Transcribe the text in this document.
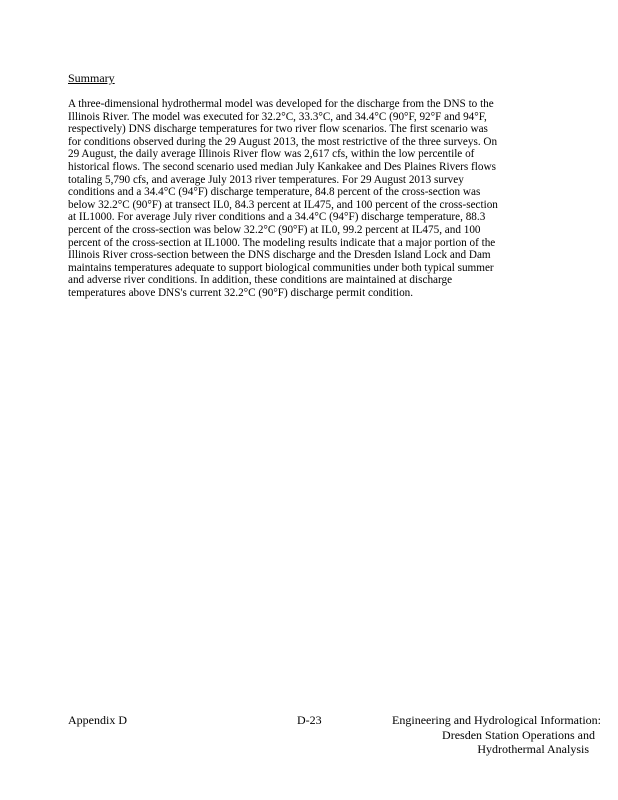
Summary
A three-dimensional hydrothermal model was developed for the discharge from the DNS to the
Illinois River. The model was executed for 32.2°C, 33.3°C, and 34.4°C (90°F, 92°F and 94°F,
respectively) DNS discharge temperatures for two river flow scenarios. The first scenario was
for conditions observed during the 29 August 2013, the most restrictive of the three surveys. On
29 August, the daily average Illinois River flow was 2,617 cfs, within the low percentile of
historical flows. The second scenario used median July Kankakee and Des Plaines Rivers flows
totaling 5,790 cfs, and average July 2013 river temperatures. For 29 August 2013 survey
conditions and a 34.4°C (94°F) discharge temperature, 84.8 percent of the cross-section was
below 32.2°C (90°F) at transect IL0, 84.3 percent at IL475, and 100 percent of the cross-section
at IL1000. For average July river conditions and a 34.4°C (94°F) discharge temperature, 88.3
percent of the cross-section was below 32.2°C (90°F) at IL0, 99.2 percent at IL475, and 100
percent of the cross-section at IL1000. The modeling results indicate that a major portion of the
Illinois River cross-section between the DNS discharge and the Dresden Island Lock and Dam
maintains temperatures adequate to support biological communities under both typical summer
and adverse river conditions. In addition, these conditions are maintained at discharge
temperatures above DNS's current 32.2°C (90°F) discharge permit condition.
Appendix D	D-23	Engineering and Hydrological Information:
Dresden Station Operations and
Hydrothermal Analysis
